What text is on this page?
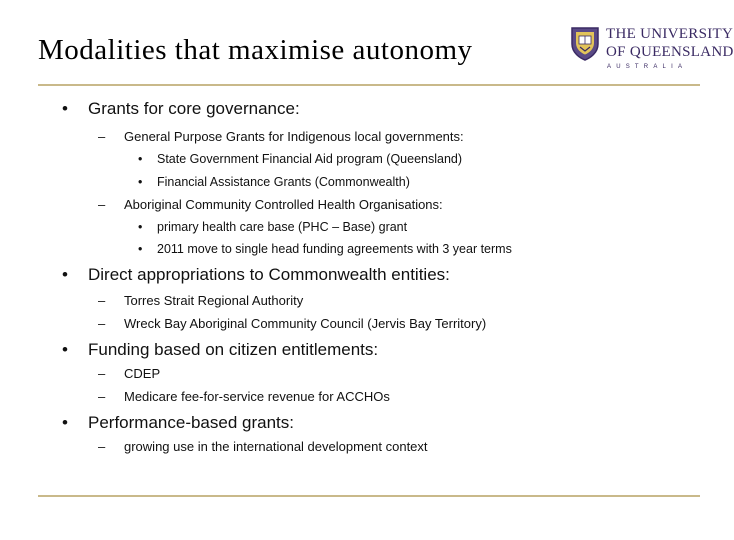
Modalities that maximise autonomy	THE UNIVERSITY
OF QUEENSLAND
AUSTRALIA
• Grants for core governance:
– General Purpose Grants for Indigenous local governments:
• State Government Financial Aid program (Queensland)
• Financial Assistance Grants (Commonwealth)
– Aboriginal Community Controlled Health Organisations:
• primary health care base (PHC – Base) grant
• 2011 move to single head funding agreements with 3 year terms
• Direct appropriations to Commonwealth entities:
– Torres Strait Regional Authority
– Wreck Bay Aboriginal Community Council (Jervis Bay Territory)
• Funding based on citizen entitlements:
– CDEP
– Medicare fee-for-service revenue for ACCHOs
• Performance-based grants:
– growing use in the international development context
